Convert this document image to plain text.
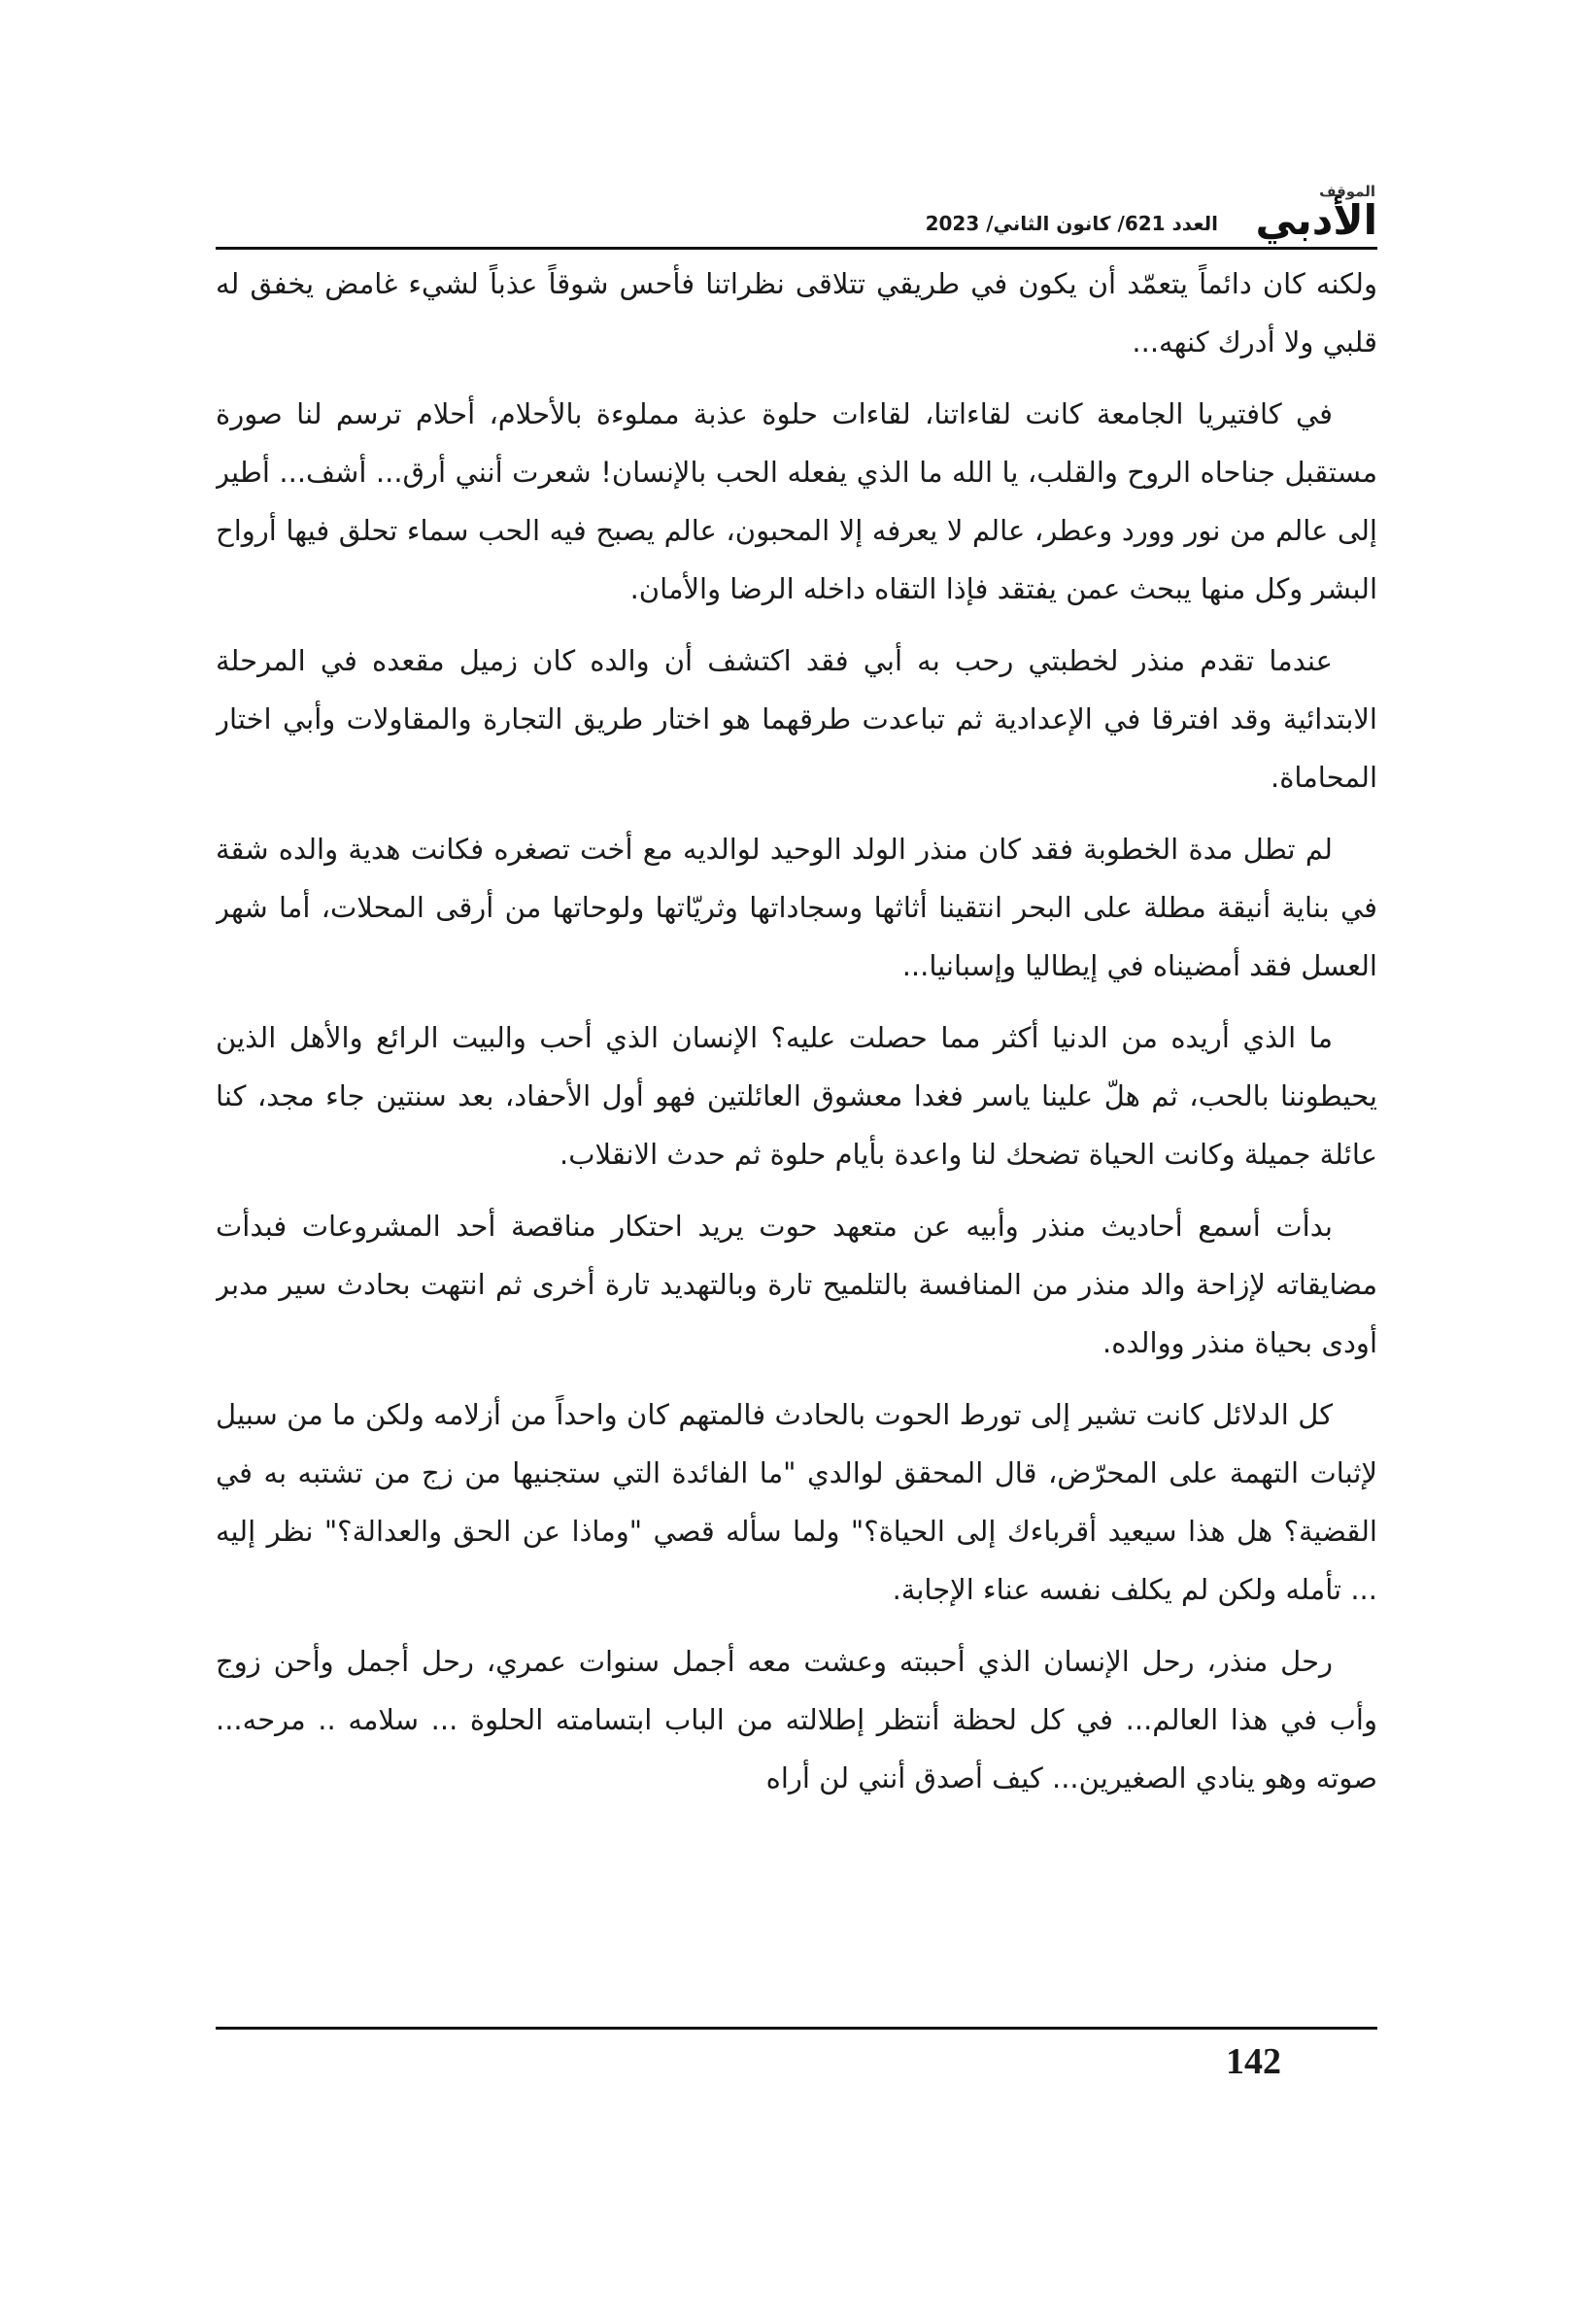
الموقف
الأدبي
العدد 621/ كانون الثاني/ 2023

ولكنه كان دائماً يتعمّد أن يكون في طريقي تتلاقى نظراتنا فأحس شوقاً عذباً لشيء غامض يخفق له قلبي ولا أدرك كنهه...

في كافتيريا الجامعة كانت لقاءاتنا، لقاءات حلوة عذبة مملوءة بالأحلام، أحلام ترسم لنا صورة مستقبل جناحاه الروح والقلب، يا الله ما الذي يفعله الحب بالإنسان! شعرت أنني أرق... أشف... أطير إلى عالم من نور وورد وعطر، عالم لا يعرفه إلا المحبون، عالم يصبح فيه الحب سماء تحلق فيها أرواح البشر وكل منها يبحث عمن يفتقد فإذا التقاه داخله الرضا والأمان.

عندما تقدم منذر لخطبتي رحب به أبي فقد اكتشف أن والده كان زميل مقعده في المرحلة الابتدائية وقد افترقا في الإعدادية ثم تباعدت طرقهما هو اختار طريق التجارة والمقاولات وأبي اختار المحاماة.

لم تطل مدة الخطوبة فقد كان منذر الولد الوحيد لوالديه مع أخت تصغره فكانت هدية والده شقة في بناية أنيقة مطلة على البحر انتقينا أثاثها وسجاداتها وثريّاتها ولوحاتها من أرقى المحلات، أما شهر العسل فقد أمضيناه في إيطاليا وإسبانيا...

ما الذي أريده من الدنيا أكثر مما حصلت عليه؟ الإنسان الذي أحب والبيت الرائع والأهل الذين يحيطوننا بالحب، ثم هلّ علينا ياسر فغدا معشوق العائلتين فهو أول الأحفاد، بعد سنتين جاء مجد، كنا عائلة جميلة وكانت الحياة تضحك لنا واعدة بأيام حلوة ثم حدث الانقلاب.

بدأت أسمع أحاديث منذر وأبيه عن متعهد حوت يريد احتكار مناقصة أحد المشروعات فبدأت مضايقاته لإزاحة والد منذر من المنافسة بالتلميح تارة وبالتهديد تارة أخرى ثم انتهت بحادث سير مدبر أودى بحياة منذر ووالده.

كل الدلائل كانت تشير إلى تورط الحوت بالحادث فالمتهم كان واحداً من أزلامه ولكن ما من سبيل لإثبات التهمة على المحرّض، قال المحقق لوالدي "ما الفائدة التي ستجنيها من زج من تشتبه به في القضية؟ هل هذا سيعيد أقرباءك إلى الحياة؟" ولما سأله قصي "وماذا عن الحق والعدالة؟" نظر إليه ... تأمله ولكن لم يكلف نفسه عناء الإجابة.

رحل منذر، رحل الإنسان الذي أحببته وعشت معه أجمل سنوات عمري، رحل أجمل وأحن زوج وأب في هذا العالم... في كل لحظة أنتظر إطلالته من الباب ابتسامته الحلوة ... سلامه .. مرحه... صوته وهو ينادي الصغيرين... كيف أصدق أنني لن أراه

142
